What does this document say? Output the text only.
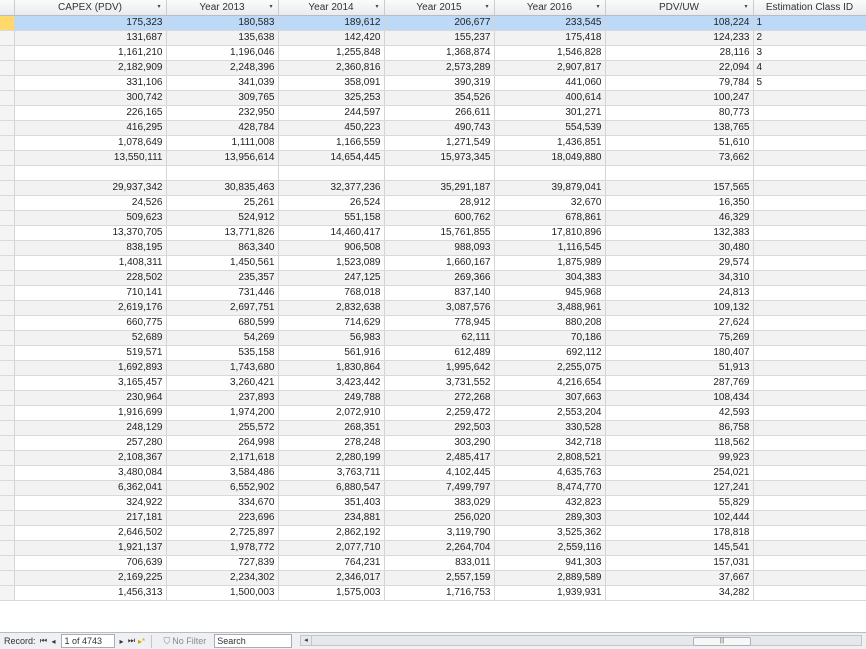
	CAPEX (PDV) ▾	Year 2013 ▾	Year 2014 ▾	Year 2015 ▾	Year 2016 ▾	PDV/UW ▾	Estimation Class ID
	175,323	180,583	189,612	206,677	233,545	108,224	1
	131,687	135,638	142,420	155,237	175,418	124,233	2
	1,161,210	1,196,046	1,255,848	1,368,874	1,546,828	28,116	3
	2,182,909	2,248,396	2,360,816	2,573,289	2,907,817	22,094	4
	331,106	341,039	358,091	390,319	441,060	79,784	5
	300,742	309,765	325,253	354,526	400,614	100,247	
	226,165	232,950	244,597	266,611	301,271	80,773	
	416,295	428,784	450,223	490,743	554,539	138,765	
	1,078,649	1,111,008	1,166,559	1,271,549	1,436,851	51,610	
	13,550,111	13,956,614	14,654,445	15,973,345	18,049,880	73,662	

	29,937,342	30,835,463	32,377,236	35,291,187	39,879,041	157,565	
	24,526	25,261	26,524	28,912	32,670	16,350	
	509,623	524,912	551,158	600,762	678,861	46,329	
	13,370,705	13,771,826	14,460,417	15,761,855	17,810,896	132,383	
	838,195	863,340	906,508	988,093	1,116,545	30,480	
	1,408,311	1,450,561	1,523,089	1,660,167	1,875,989	29,574	
	228,502	235,357	247,125	269,366	304,383	34,310	
	710,141	731,446	768,018	837,140	945,968	24,813	
	2,619,176	2,697,751	2,832,638	3,087,576	3,488,961	109,132	
	660,775	680,599	714,629	778,945	880,208	27,624	
	52,689	54,269	56,983	62,111	70,186	75,269	
	519,571	535,158	561,916	612,489	692,112	180,407	
	1,692,893	1,743,680	1,830,864	1,995,642	2,255,075	51,913	
	3,165,457	3,260,421	3,423,442	3,731,552	4,216,654	287,769	
	230,964	237,893	249,788	272,268	307,663	108,434	
	1,916,699	1,974,200	2,072,910	2,259,472	2,553,204	42,593	
	248,129	255,572	268,351	292,503	330,528	86,758	
	257,280	264,998	278,248	303,290	342,718	118,562	
	2,108,367	2,171,618	2,280,199	2,485,417	2,808,521	99,923	
	3,480,084	3,584,486	3,763,711	4,102,445	4,635,763	254,021	
	6,362,041	6,552,902	6,880,547	7,499,797	8,474,770	127,241	
	324,922	334,670	351,403	383,029	432,823	55,829	
	217,181	223,696	234,881	256,020	289,303	102,444	
	2,646,502	2,725,897	2,862,192	3,119,790	3,525,362	178,818	
	1,921,137	1,978,772	2,077,710	2,264,704	2,559,116	145,541	
	706,639	727,839	764,231	833,011	941,303	157,031	
	2,169,225	2,234,302	2,346,017	2,557,159	2,889,589	37,667	
	1,456,313	1,500,003	1,575,003	1,716,753	1,939,931	34,282	
Record: ⏮ ◂	1 of 4743	▸ ⏭ ▸* ⛉ No Filter	Search	◂	|||
